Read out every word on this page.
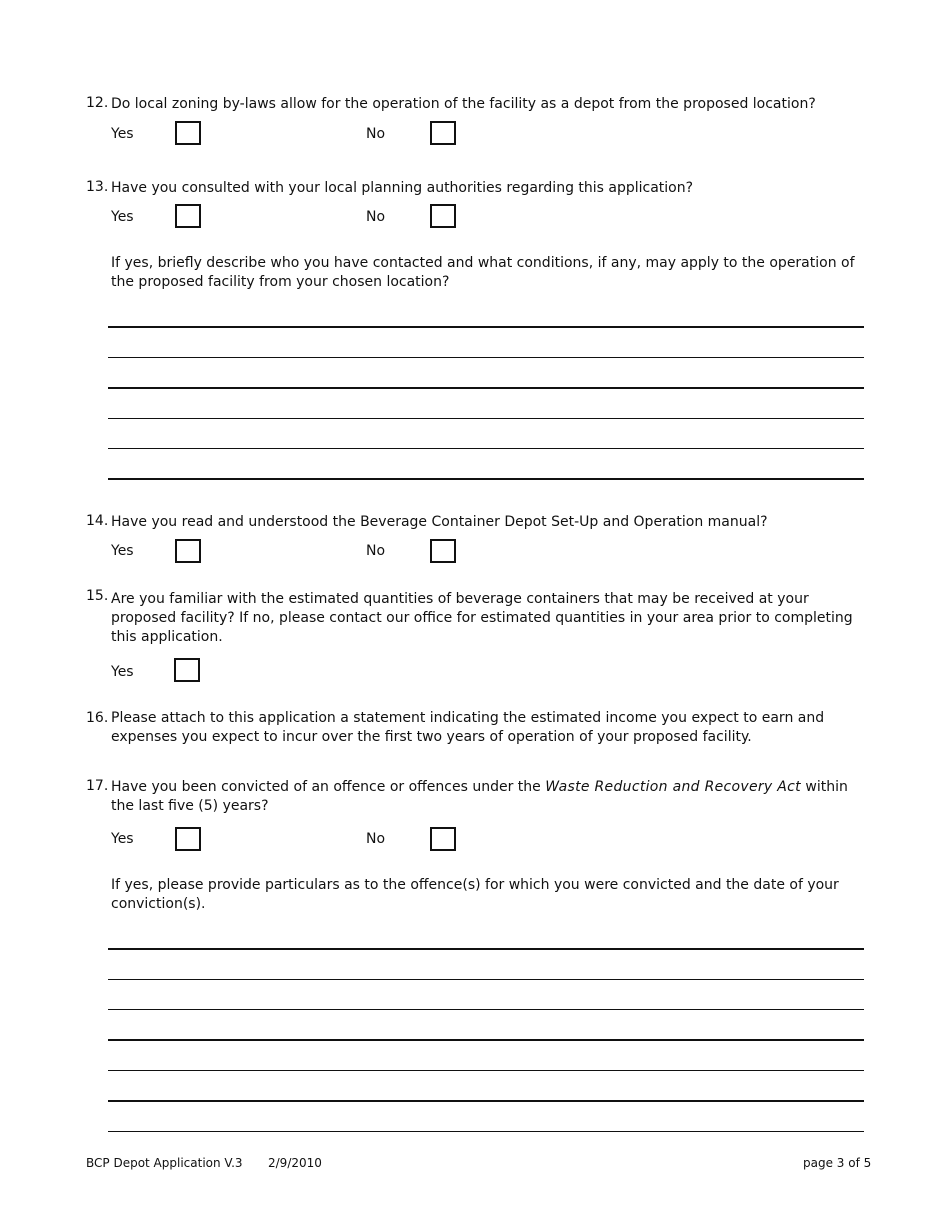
12. Do local zoning by-laws allow for the operation of the facility as a depot from the proposed location?
Yes	No
13. Have you consulted with your local planning authorities regarding this application?
Yes	No
If yes, briefly describe who you have contacted and what conditions, if any, may apply to the operation of the proposed facility from your chosen location?
14. Have you read and understood the Beverage Container Depot Set-Up and Operation manual?
Yes	No
15. Are you familiar with the estimated quantities of beverage containers that may be received at your proposed facility? If no, please contact our office for estimated quantities in your area prior to completing this application.
Yes
16. Please attach to this application a statement indicating the estimated income you expect to earn and expenses you expect to incur over the first two years of operation of your proposed facility.
17. Have you been convicted of an offence or offences under the Waste Reduction and Recovery Act within the last five (5) years?
Yes	No
If yes, please provide particulars as to the offence(s) for which you were convicted and the date of your conviction(s).
BCP Depot Application V.3 2/9/2010	page 3 of 5
